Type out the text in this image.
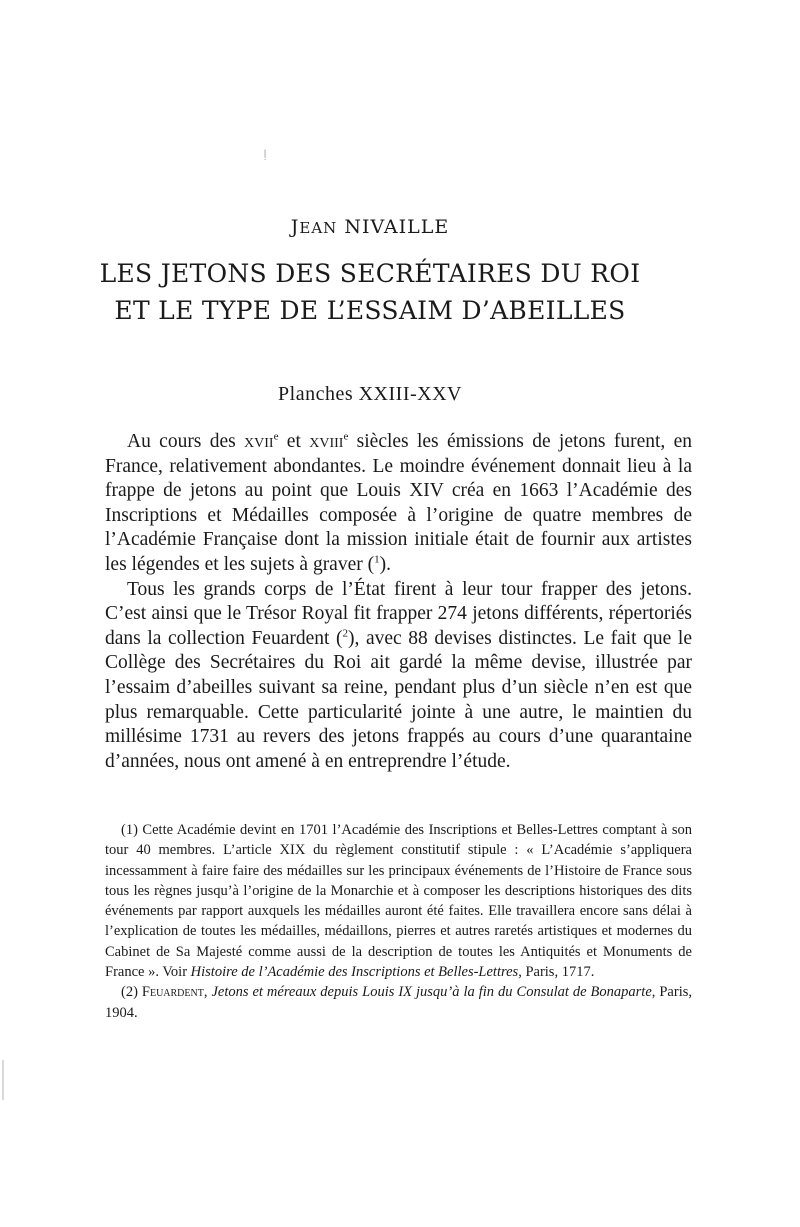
ǃ
JEAN NIVAILLE
LES JETONS DES SECRÉTAIRES DU ROI
ET LE TYPE DE L’ESSAIM D’ABEILLES
Planches XXIII-XXV

Au cours des xvii$^e$ et xviii$^e$ siècles les émissions de jetons furent, en France, relativement abondantes. Le moindre événement donnait lieu à la frappe de jetons au point que Louis XIV créa en 1663 l’Académie des Inscriptions et Médailles composée à l’origine de quatre membres de l’Académie Française dont la mission initiale était de fournir aux artistes les légendes et les sujets à graver ($^1$).

Tous les grands corps de l’État firent à leur tour frapper des jetons. C’est ainsi que le Trésor Royal fit frapper 274 jetons différents, répertoriés dans la collection Feuardent ($^2$), avec 88 devises distinctes. Le fait que le Collège des Secrétaires du Roi ait gardé la même devise, illustrée par l’essaim d’abeilles suivant sa reine, pendant plus d’un siècle n’en est que plus remarquable. Cette particularité jointe à une autre, le maintien du millésime 1731 au revers des jetons frappés au cours d’une quarantaine d’années, nous ont amené à en entreprendre l’étude.

(1) Cette Académie devint en 1701 l’Académie des Inscriptions et Belles-Lettres comptant à son tour 40 membres. L’article XIX du règlement constitutif stipule : « L’Académie s’appliquera incessamment à faire faire des médailles sur les principaux événements de l’Histoire de France sous tous les règnes jusqu’à l’origine de la Monarchie et à composer les descriptions historiques des dits événements par rapport auxquels les médailles auront été faites. Elle travaillera encore sans délai à l’explication de toutes les médailles, médaillons, pierres et autres raretés artistiques et modernes du Cabinet de Sa Majesté comme aussi de la description de toutes les Antiquités et Monuments de France ». Voir Histoire de l’Académie des Inscriptions et Belles-Lettres, Paris, 1717.

(2) Feuardent, Jetons et méreaux depuis Louis IX jusqu’à la fin du Consulat de Bonaparte, Paris, 1904.
